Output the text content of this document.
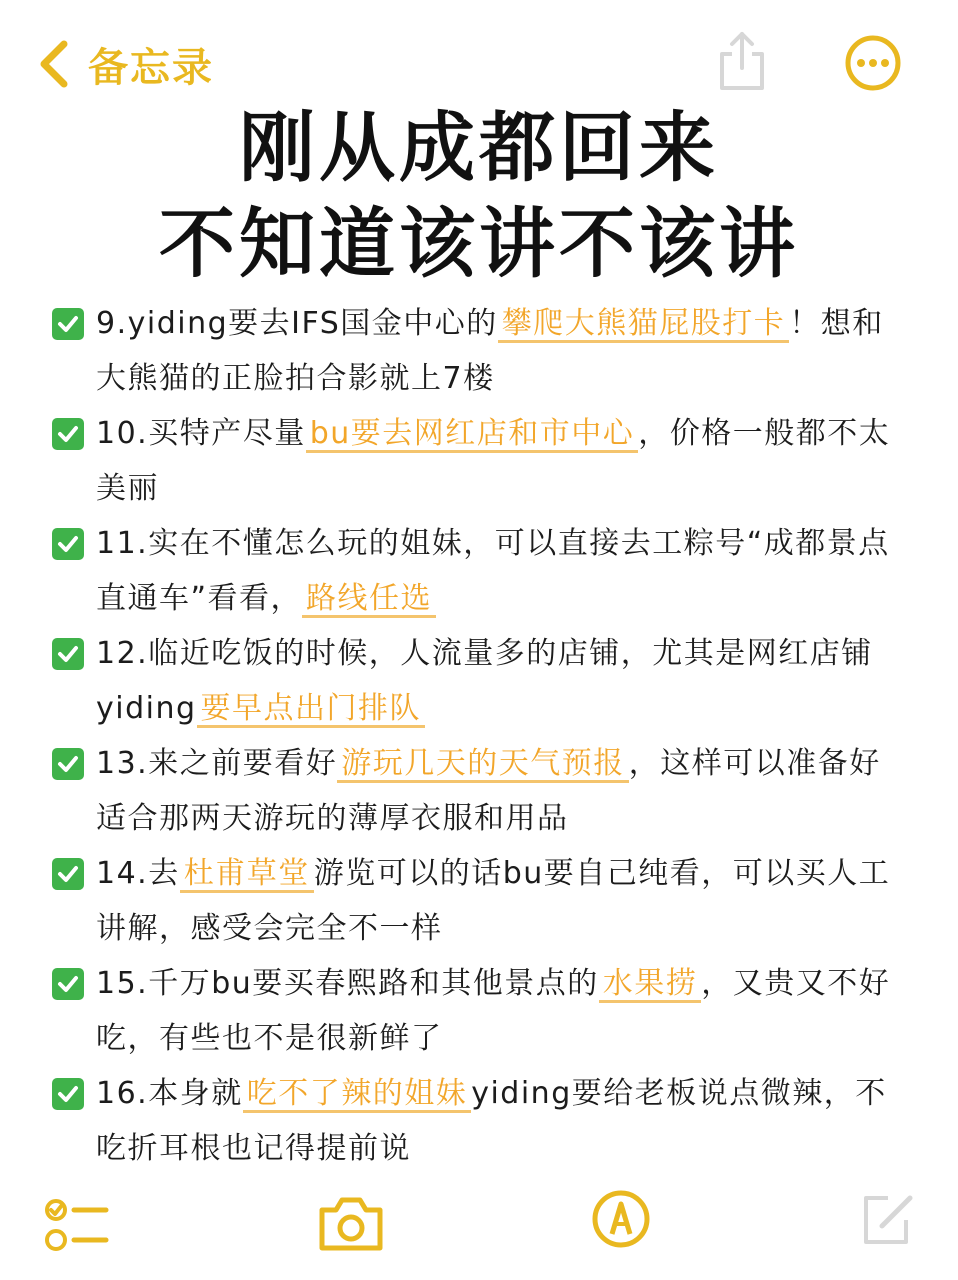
备忘录
刚从成都回来
不知道该讲不该讲
9.yiding要去IFS国金中心的 攀爬大熊猫屁股打卡 ！想和大熊猫的正脸拍合影就上7楼
10.买特产尽量 bu要去网红店和市中心 ，价格一般都不太美丽
11.实在不懂怎么玩的姐妹，可以直接去工粽号“成都景点直通车”看看， 路线任选
12.临近吃饭的时候，人流量多的店铺，尤其是网红店铺yiding 要早点出门排队
13.来之前要看好 游玩几天的天气预报 ，这样可以准备好适合那两天游玩的薄厚衣服和用品
14.去 杜甫草堂 游览可以的话bu要自己纯看，可以买人工讲解，感受会完全不一样
15.千万bu要买春熙路和其他景点的 水果捞 ，又贵又不好吃，有些也不是很新鲜了
16.本身就 吃不了辣的姐妹 yiding要给老板说点微辣，不吃折耳根也记得提前说
